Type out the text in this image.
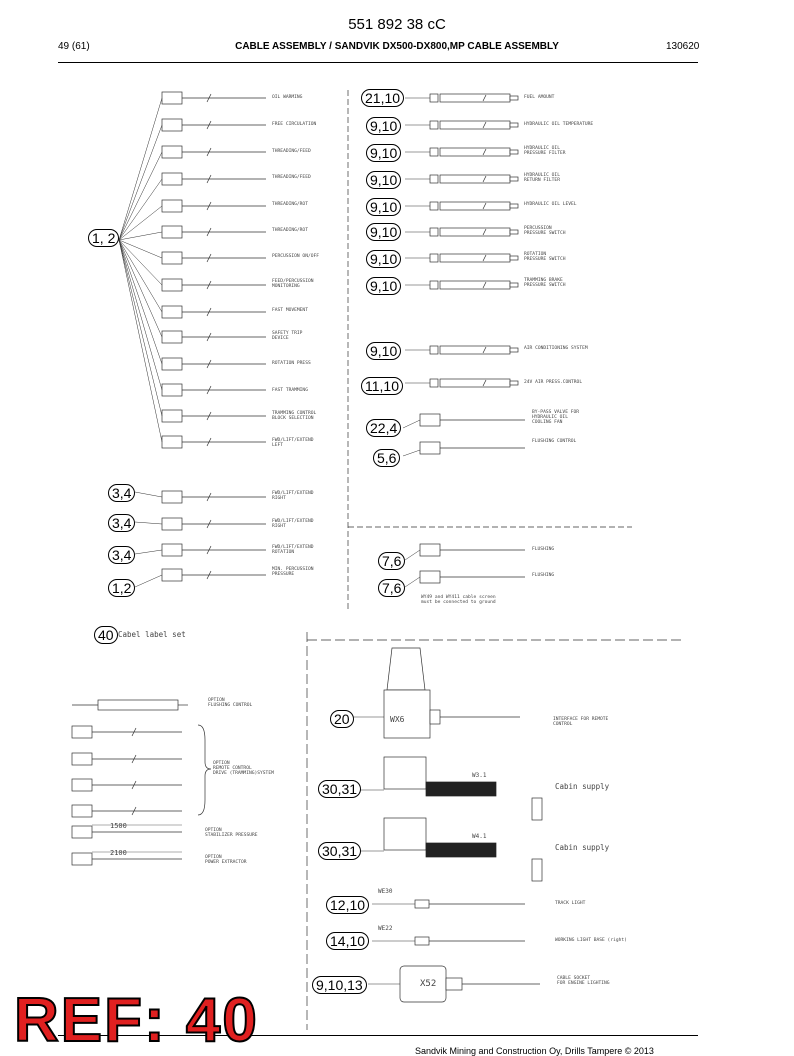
551 892 38 cC
49 (61)	CABLE ASSEMBLY / SANDVIK DX500-DX800,MP CABLE ASSEMBLY	130620
1, 2
3,4
3,4
3,4
1,2
21,10
9,10
9,10
9,10
9,10
9,10
9,10
9,10
9,10
11,10
22,4
5,6
7,6
7,6
40 Cabel label set
20
30,31
30,31
12,10
14,10
9,10,13
OIL WARMING
FREE CIRCULATION
THREADING/FEED
THREADING/FEED
THREADING/ROT
THREADING/ROT
PERCUSSION ON/OFF
FEED/PERCUSSION
MONITORING
FAST MOVEMENT
SAFETY TRIP
DEVICE
ROTATION PRESS
FAST TRAMMING
TRAMMING CONTROL
BLOCK SELECTION
FWD/LIFT/EXTEND
LEFT
FWD/LIFT/EXTEND
RIGHT
FWD/LIFT/EXTEND
RIGHT
FWD/LIFT/EXTEND
ROTATION
MIN. PERCUSSION
PRESSURE
FUEL AMOUNT
HYDRAULIC OIL TEMPERATURE
HYDRAULIC OIL
PRESSURE FILTER
HYDRAULIC OIL
RETURN FILTER
HYDRAULIC OIL LEVEL
PERCUSSION
PRESSURE SWITCH
ROTATION
PRESSURE SWITCH
TRAMMING BRAKE
PRESSURE SWITCH
AIR CONDITIONING SYSTEM
24V AIR PRESS.CONTROL
BY-PASS VALVE FOR
HYDRAULIC OIL
COOLING FAN
FLUSHING CONTROL
FLUSHING
FLUSHING
WY49 and WY411 cable screen
must be connected to ground
OPTION
FLUSHING CONTROL
OPTION
REMOTE CONTROL
DRIVE (TRAMMING)SYSTEM
OPTION
STABILIZER PRESSURE
OPTION
POWER EXTRACTOR
1500
2100
WX6	INTERFACE FOR REMOTE
CONTROL
W3.1
Cabin supply
W4.1
Cabin supply
WE30
TRACK LIGHT
WE22
WORKING LIGHT BASE (right)
X52
CABLE SOCKET
FOR ENGINE LIGHTING
REF: 40	Sandvik Mining and Construction Oy, Drills Tampere © 2013
